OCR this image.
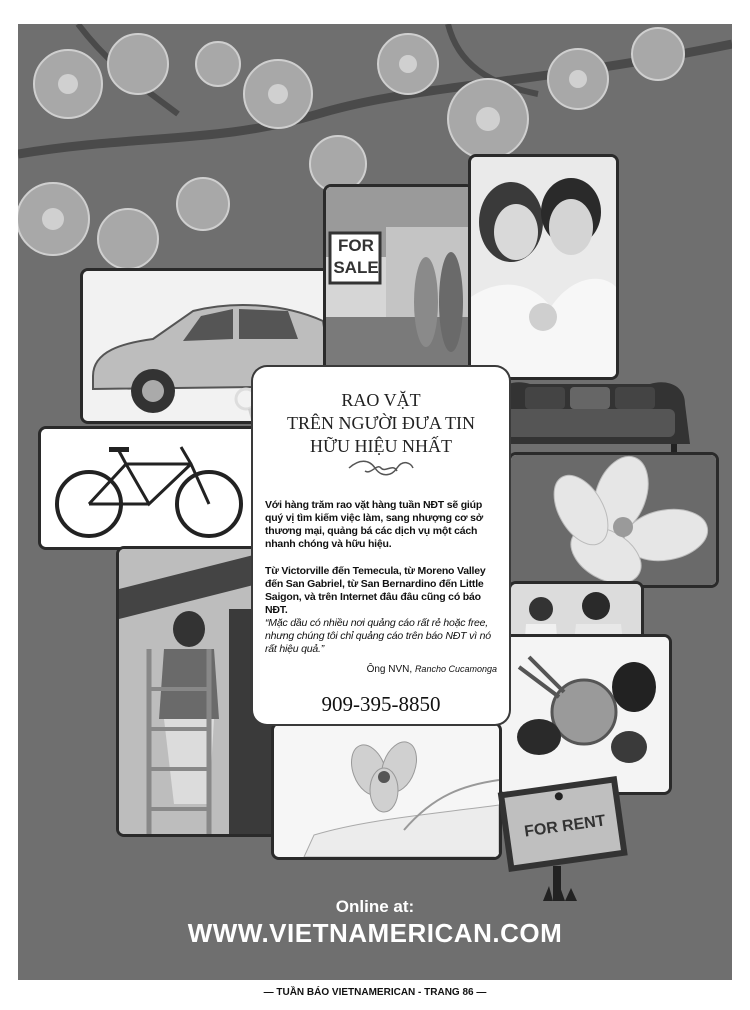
FOR
SALE
RAO VẶT
TRÊN NGƯỜI ĐƯA TIN
HỮU HIỆU NHẤT
Với hàng trăm rao vặt hàng tuần NĐT sẽ giúp quý vị tìm kiếm việc làm, sang nhượng cơ sở thương mại, quảng bá các dịch vụ một cách nhanh chóng và hữu hiệu.
Từ Victorville đến Temecula, từ Moreno Valley đến San Gabriel, từ San Bernardino đến Little Saigon, và trên Internet đâu đâu cũng có báo NĐT.
“Mặc dầu có nhiều nơi quảng cáo rất rẻ hoặc free, nhưng chúng tôi chỉ quảng cáo trên báo NĐT vì nó rất hiệu quả.”
Ông NVN, Rancho Cucamonga
909-395-8850
FOR RENT
Online at:
WWW.VIETNAMERICAN.COM
— TUẦN BÁO VIETNAMERICAN - TRANG 86 —
